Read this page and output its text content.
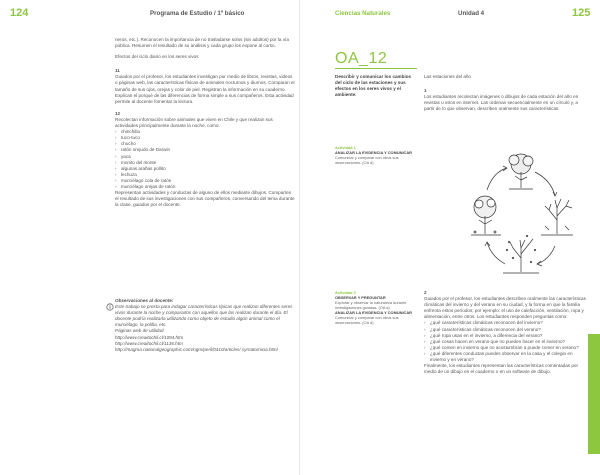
124	Programa de Estudio / 1º básico

neros, etc.). Reconocen la importancia de no trasladarse solos (sin adultos) por la vía pública. Resumen el resultado de su análisis y cada grupo los expone al curso.

Efectos del ciclo diario en los seres vivos

11

Guiados por el profesor, los estudiantes investigan por medio de libros, revistas, videos o páginas web, las características físicas de animales nocturnos y diurnos. Comparan el tamaño de sus ojos, orejas y color de piel. Registran la información en su cuaderno. Explican el porqué de las diferencias de forma simple a sus compañeros. Esta actividad permite al docente fomentar la lectura.

12

Recolectan información sobre animales que viven en Chile y que realizan sus actividades principalmente durante la noche, como:

› chinchilla
› tuco-tuco
› chucho
› ratón orejudo de Darwin
› yaca
› monito del monte
› algunas arañas pollito
› lechuza
› murciélago cola de ratón
› murciélago orejas de ratón

Representan actividades y conductas de alguno de ellos mediante dibujos. Comparten el resultado de sus investigaciones con sus compañeros, conversando del tema durante la clase, guiados por el docente.

Observaciones al docente:

Este trabajo se presta para indagar características típicas que realizan diferentes seres vivos durante la noche y compararlos con aquellos que las realizan durante el día. El docente podría realizarla utilizando como objeto de estudio algún animal como el murciélago, la polilla, etc.

Páginas web de utilidad

http://www.creaitochil.cl/1094.htm

http://www.creaitochil.cl/1136.htm

http://magma.nationalgeographic.com/ngm/peril/0410/articles/ syrnatomicia.html

Ciencias Naturales	Unidad 4	125
OA_12
Describir y comunicar los cambios del ciclo de las estaciones y sus efectos en los seres vivos y el ambiente.

Actividad 1

ANALIZAR LA EVIDENCIA Y COMUNICAR

Comunicar y comparar con otros sus observaciones. (OA d)

Actividad 2

OBSERVAR Y PREGUNTAR

Explorar y observar la naturaleza durante investigaciones guiadas. (OA a)

ANALIZAR LA EVIDENCIA Y COMUNICAR

Comunicar y comparar con otros sus observaciones. (OA d)

Las estaciones del año

1

Los estudiantes recolectan imágenes o dibujos de cada estación del año en revistas u otros en internet. Las ordenan secuencialmente en un círculo y, a partir de lo que observan, describen oralmente sus características.

2

Guiados por el profesor, los estudiantes describen oralmente las características climáticas del invierno y del verano en su ciudad, y la forma en que la familia enfrenta estos períodos; por ejemplo: el uso de calefacción, ventilación, ropa y alimentación, entre otros. Los estudiantes responden preguntas como:

› ¿qué características climáticas reconocen del invierno?
› ¿qué características climáticas reconocen del verano?
› ¿qué ropa usan en el invierno, a diferencia del verano?
› ¿qué cosas hacen en verano que no pueden hacer en el invierno?
› ¿qué comen en invierno que no acostumbran a puede comer en verano?
› ¿qué diferentes conductas puedes observar en la casa y el colegio en invierno y en verano?

Finalmente, los estudiantes representan las características comentadas por medio de un dibujo en el cuaderno o en un software de dibujo.
